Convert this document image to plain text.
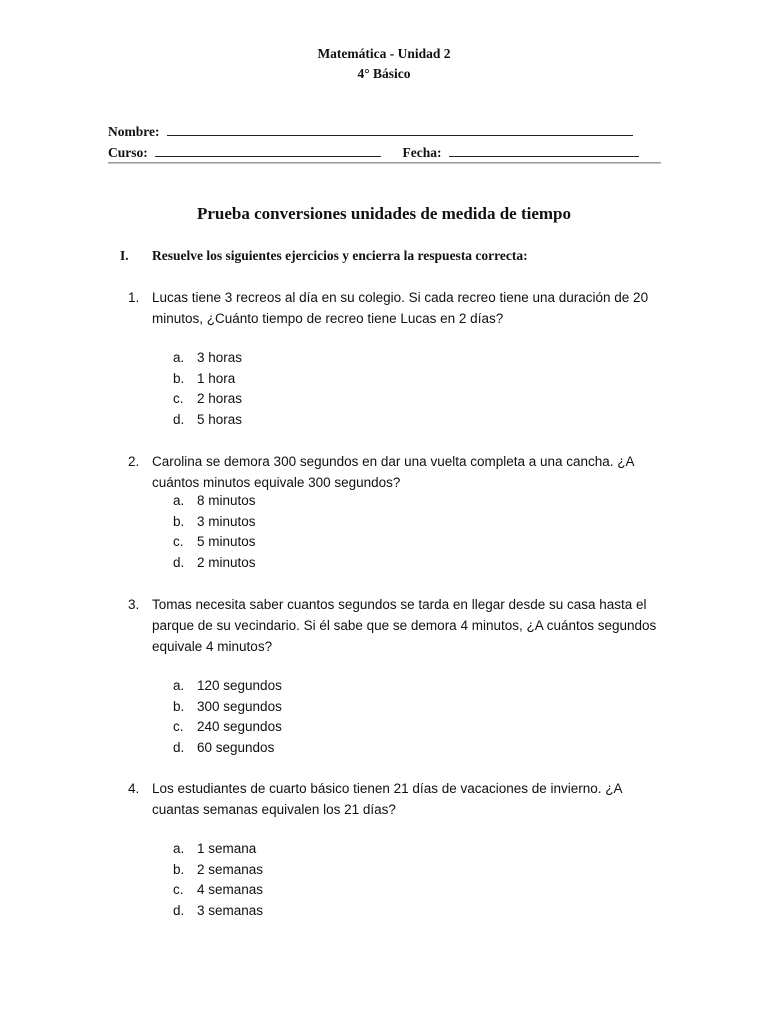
Matemática - Unidad 2
4° Básico
Nombre:
Curso:	Fecha:
Prueba conversiones unidades de medida de tiempo
I. Resuelve los siguientes ejercicios y encierra la respuesta correcta:
1. Lucas tiene 3 recreos al día en su colegio. Si cada recreo tiene una duración de 20
minutos, ¿Cuánto tiempo de recreo tiene Lucas en 2 días?
a. 3 horas
b. 1 hora
c. 2 horas
d. 5 horas
2. Carolina se demora 300 segundos en dar una vuelta completa a una cancha. ¿A
cuántos minutos equivale 300 segundos?
a. 8 minutos
b. 3 minutos
c. 5 minutos
d. 2 minutos
3. Tomas necesita saber cuantos segundos se tarda en llegar desde su casa hasta el
parque de su vecindario. Si él sabe que se demora 4 minutos, ¿A cuántos segundos
equivale 4 minutos?
a. 120 segundos
b. 300 segundos
c. 240 segundos
d. 60 segundos
4. Los estudiantes de cuarto básico tienen 21 días de vacaciones de invierno. ¿A
cuantas semanas equivalen los 21 días?
a. 1 semana
b. 2 semanas
c. 4 semanas
d. 3 semanas
